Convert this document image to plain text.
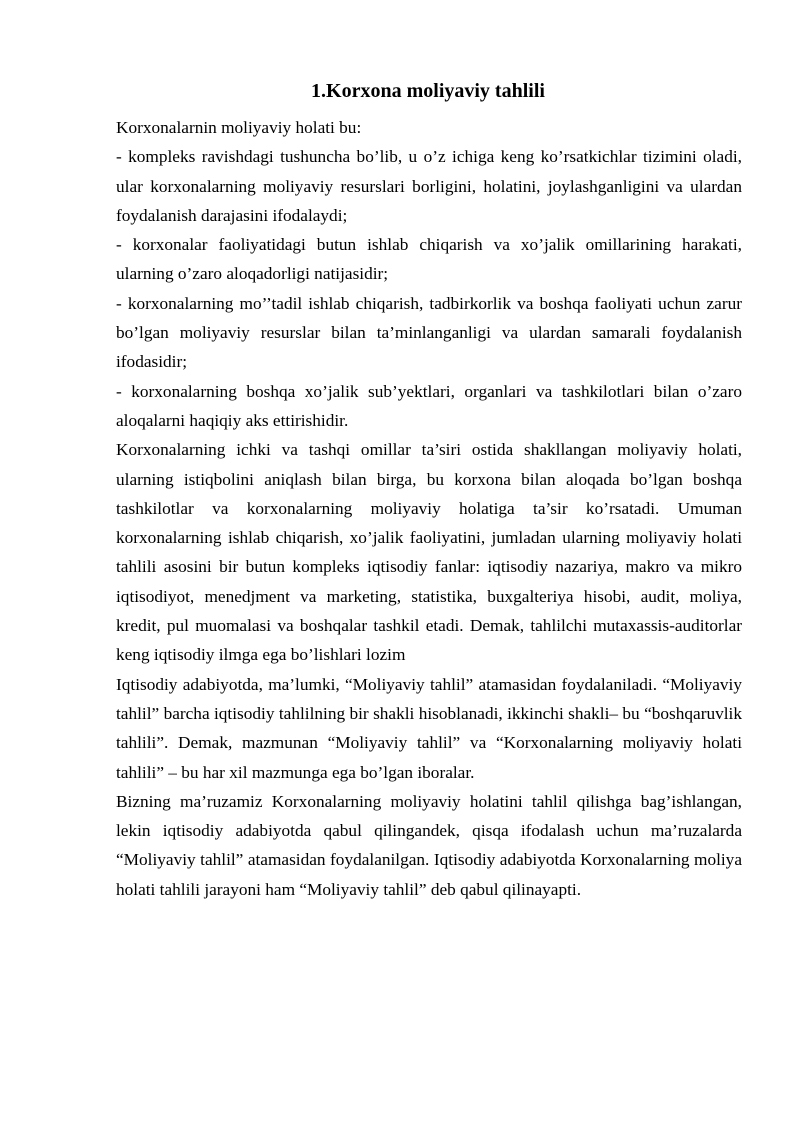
1.Korxona moliyaviy tahlili

Korxonalarnin moliyaviy holati bu:

- kompleks ravishdagi tushuncha bo’lib, u o’z ichiga keng ko’rsatkichlar tizimini oladi, ular korxonalarning moliyaviy resurslari borligini, holatini, joylashganligini va ulardan foydalanish darajasini ifodalaydi;

- korxonalar faoliyatidagi butun ishlab chiqarish va xo’jalik omillarining harakati, ularning o’zaro aloqadorligi natijasidir;

- korxonalarning mo’’tadil ishlab chiqarish, tadbirkorlik va boshqa faoliyati uchun zarur bo’lgan moliyaviy resurslar bilan ta’minlanganligi va ulardan samarali foydalanish ifodasidir;

- korxonalarning boshqa xo’jalik sub’yektlari, organlari va tashkilotlari bilan o’zaro aloqalarni haqiqiy aks ettirishidir.

Korxonalarning ichki va tashqi omillar ta’siri ostida shakllangan moliyaviy holati, ularning istiqbolini aniqlash bilan birga, bu korxona bilan aloqada bo’lgan boshqa tashkilotlar va korxonalarning moliyaviy holatiga ta’sir ko’rsatadi. Umuman korxonalarning ishlab chiqarish, xo’jalik faoliyatini, jumladan ularning moliyaviy holati tahlili asosini bir butun kompleks iqtisodiy fanlar: iqtisodiy nazariya, makro va mikro iqtisodiyot, menedjment va marketing, statistika, buxgalteriya hisobi, audit, moliya, kredit, pul muomalasi va boshqalar tashkil etadi. Demak, tahlilchi mutaxassis-auditorlar keng iqtisodiy ilmga ega bo’lishlari lozim

Iqtisodiy adabiyotda, ma’lumki, “Moliyaviy tahlil” atamasidan foydalaniladi. “Moliyaviy tahlil” barcha iqtisodiy tahlilning bir shakli hisoblanadi, ikkinchi shakli– bu “boshqaruvlik tahlili”. Demak, mazmunan “Moliyaviy tahlil” va “Korxonalarning moliyaviy holati tahlili” – bu har xil mazmunga ega bo’lgan iboralar.

Bizning ma’ruzamiz Korxonalarning moliyaviy holatini tahlil qilishga bag’ishlangan, lekin iqtisodiy adabiyotda qabul qilingandek, qisqa ifodalash uchun ma’ruzalarda “Moliyaviy tahlil” atamasidan foydalanilgan. Iqtisodiy adabiyotda Korxonalarning moliya holati tahlili jarayoni ham “Moliyaviy tahlil” deb qabul qilinayapti.
